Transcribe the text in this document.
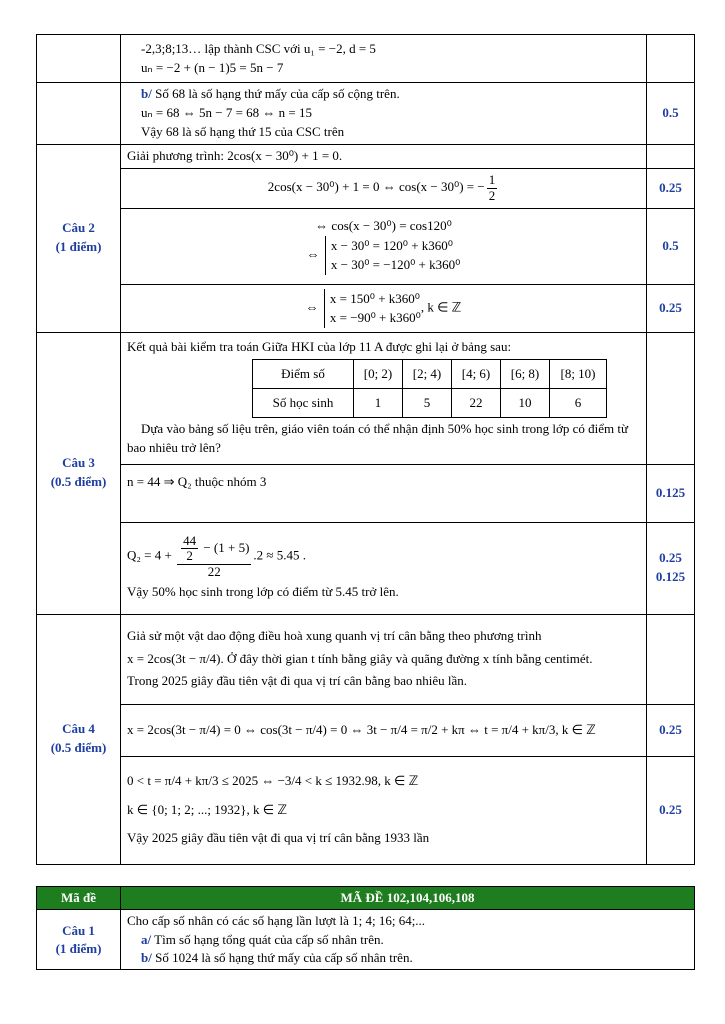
-2,3;8;13… lập thành CSC với u₁ = −2, d = 5
uₙ = −2 + (n − 1)5 = 5n − 7

b/ Số 68 là số hạng thứ mấy của cấp số cộng trên.
uₙ = 68 ⇔ 5n − 7 = 68 ⇔ n = 15
Vậy 68 là số hạng thứ 15 của CSC trên
	0.5

Câu 2
(1 điểm)
	Giải phương trình: 2cos(x − 30⁰) + 1 = 0.	
2cos(x − 30⁰) + 1 = 0 ⇔ cos(x − 30⁰) = − $\frac{1}{2}$	0.25

⇔ cos(x − 30⁰) = cos120⁰
⇔
x − 30⁰ = 120⁰ + k360⁰
x − 30⁰ = −120⁰ + k360⁰
	0.5
⇔
x = 150⁰ + k360⁰
x = −90⁰ + k360⁰
, k ∈ ℤ	0.25

Câu 3
(0.5 điểm)

Kết quả bài kiểm tra toán Giữa HKI của lớp 11 A được ghi lại ở bảng sau:
Điểm số	[0; 2)	[2; 4)	[4; 6)	[6; 8)	[8; 10)
Số học sinh	1	5	22	10	6
Dựa vào bảng số liệu trên, giáo viên toán có thể nhận định 50% học sinh trong lớp có điểm từ bao nhiêu trở lên?

n = 44 ⇒ Q₂ thuộc nhóm 3	0.125

$Q_2 = 4 + \frac{\frac{44}{2} - (1 + 5)}{22} .2 \approx 5.45$ .
Vậy 50% học sinh trong lớp có điểm từ 5.45 trở lên.

0.25
0.125

Câu 4
(0.5 điểm)

Giả sử một vật dao động điều hoà xung quanh vị trí cân bằng theo phương trình
x = 2cos(3t − π/4). Ở đây thời gian t tính bằng giây và quãng đường x tính bằng centimét.
Trong 2025 giây đầu tiên vật đi qua vị trí cân bằng bao nhiêu lần.

x = 2cos(3t − π/4) = 0 ⇔ cos(3t − π/4) = 0 ⇔ 3t − π/4 = π/2 + kπ ⇔ t = π/4 + kπ/3, k ∈ ℤ	0.25

0 < t = π/4 + kπ/3 ≤ 2025 ⇔ −3/4 < k ≤ 1932.98, k ∈ ℤ
k ∈ {0; 1; 2; ...; 1932}, k ∈ ℤ
Vậy 2025 giây đầu tiên vật đi qua vị trí cân bằng 1933 lần
	0.25
Mã đề	MÃ ĐỀ 102,104,106,108

Câu 1
(1 điểm)	Cho cấp số nhân có các số hạng lần lượt là 1; 4; 16; 64;...
a/ Tìm số hạng tổng quát của cấp số nhân trên.
b/ Số 1024 là số hạng thứ mấy của cấp số nhân trên.
